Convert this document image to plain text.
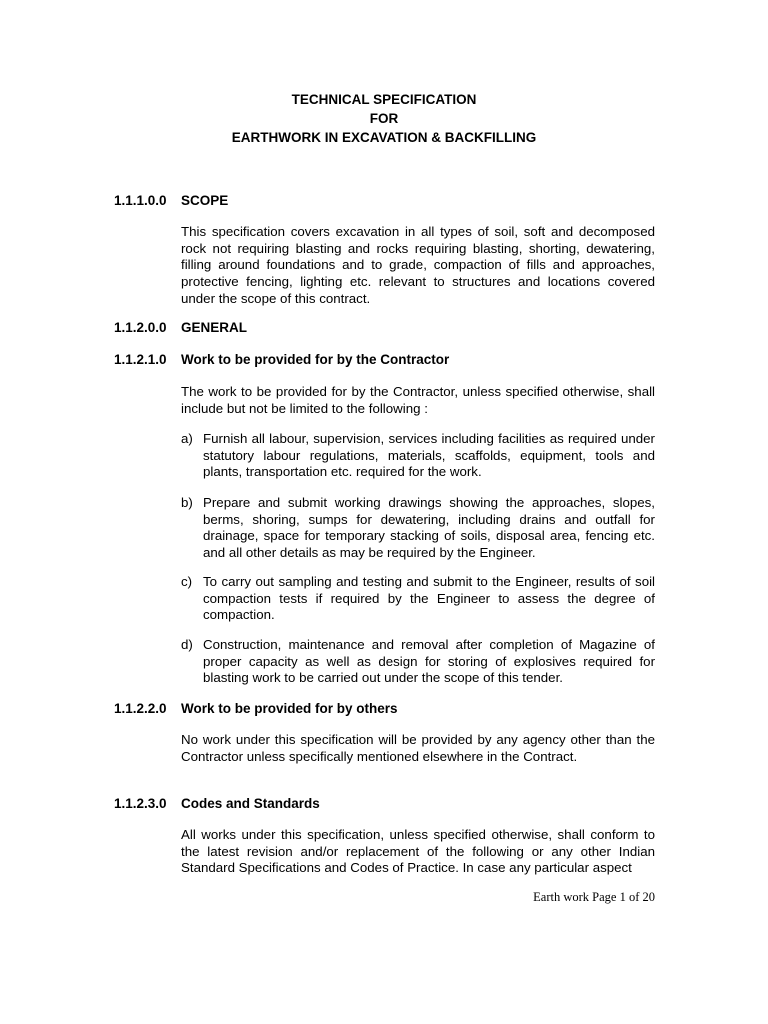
TECHNICAL SPECIFICATION
FOR
EARTHWORK IN EXCAVATION & BACKFILLING
1.1.1.0.0 SCOPE
This specification covers excavation in all types of soil, soft and decomposed rock not requiring blasting and rocks requiring blasting, shorting, dewatering, filling around foundations and to grade, compaction of fills and approaches, protective fencing, lighting etc. relevant to structures and locations covered under the scope of this contract.
1.1.2.0.0 GENERAL
1.1.2.1.0 Work to be provided for by the Contractor
The work to be provided for by the Contractor, unless specified otherwise, shall include but not be limited to the following :
a) Furnish all labour, supervision, services including facilities as required under statutory labour regulations, materials, scaffolds, equipment, tools and plants, transportation etc. required for the work.
b) Prepare and submit working drawings showing the approaches, slopes, berms, shoring, sumps for dewatering, including drains and outfall for drainage, space for temporary stacking of soils, disposal area, fencing etc. and all other details as may be required by the Engineer.
c) To carry out sampling and testing and submit to the Engineer, results of soil compaction tests if required by the Engineer to assess the degree of compaction.
d) Construction, maintenance and removal after completion of Magazine of proper capacity as well as design for storing of explosives required for blasting work to be carried out under the scope of this tender.
1.1.2.2.0 Work to be provided for by others
No work under this specification will be provided by any agency other than the Contractor unless specifically mentioned elsewhere in the Contract.
1.1.2.3.0 Codes and Standards
All works under this specification, unless specified otherwise, shall conform to the latest revision and/or replacement of the following or any other Indian Standard Specifications and Codes of Practice. In case any particular aspect
Earth work Page 1 of 20
